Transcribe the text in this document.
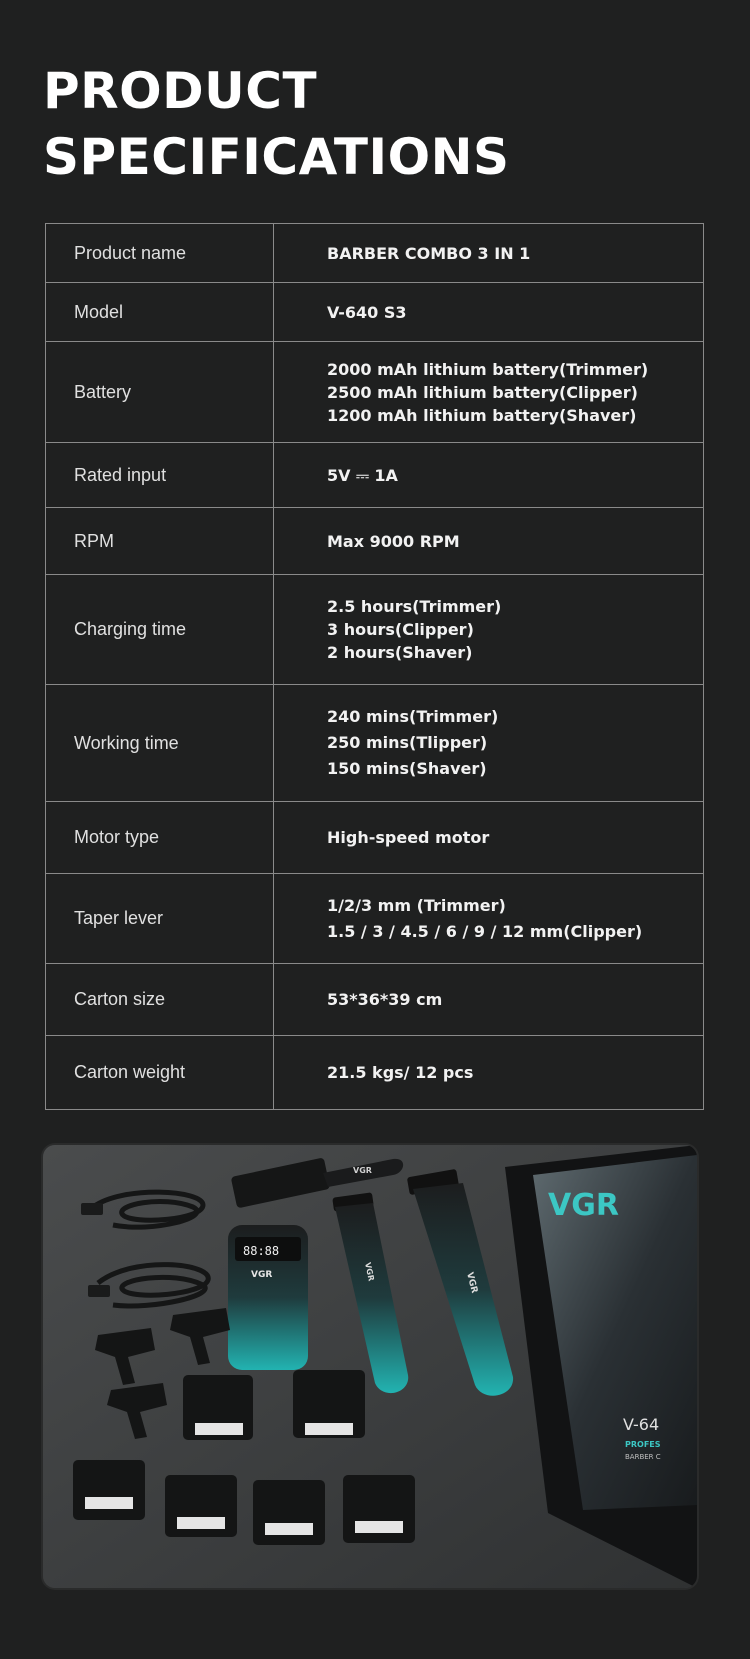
PRODUCT
SPECIFICATIONS
Product name	BARBER COMBO 3 IN 1

Model	V-640 S3

Battery	2000 mAh lithium battery(Trimmer)
2500 mAh lithium battery(Clipper)
1200 mAh lithium battery(Shaver)

Rated input	5V ⎓ 1A

RPM	Max 9000 RPM

Charging time	2.5 hours(Trimmer)
3 hours(Clipper)
2 hours(Shaver)

Working time	240 mins(Trimmer)
250 mins(Tlipper)
150 mins(Shaver)

Motor type	High-speed motor

Taper lever	1/2/3 mm (Trimmer)
1.5 / 3 / 4.5 / 6 / 9 / 12 mm(Clipper)

Carton size	53*36*39 cm

Carton weight	21.5 kgs/ 12 pcs
VGR
V-64
PROFES
BARBER C
VGR
88:88
VGR	VGR	VGR
